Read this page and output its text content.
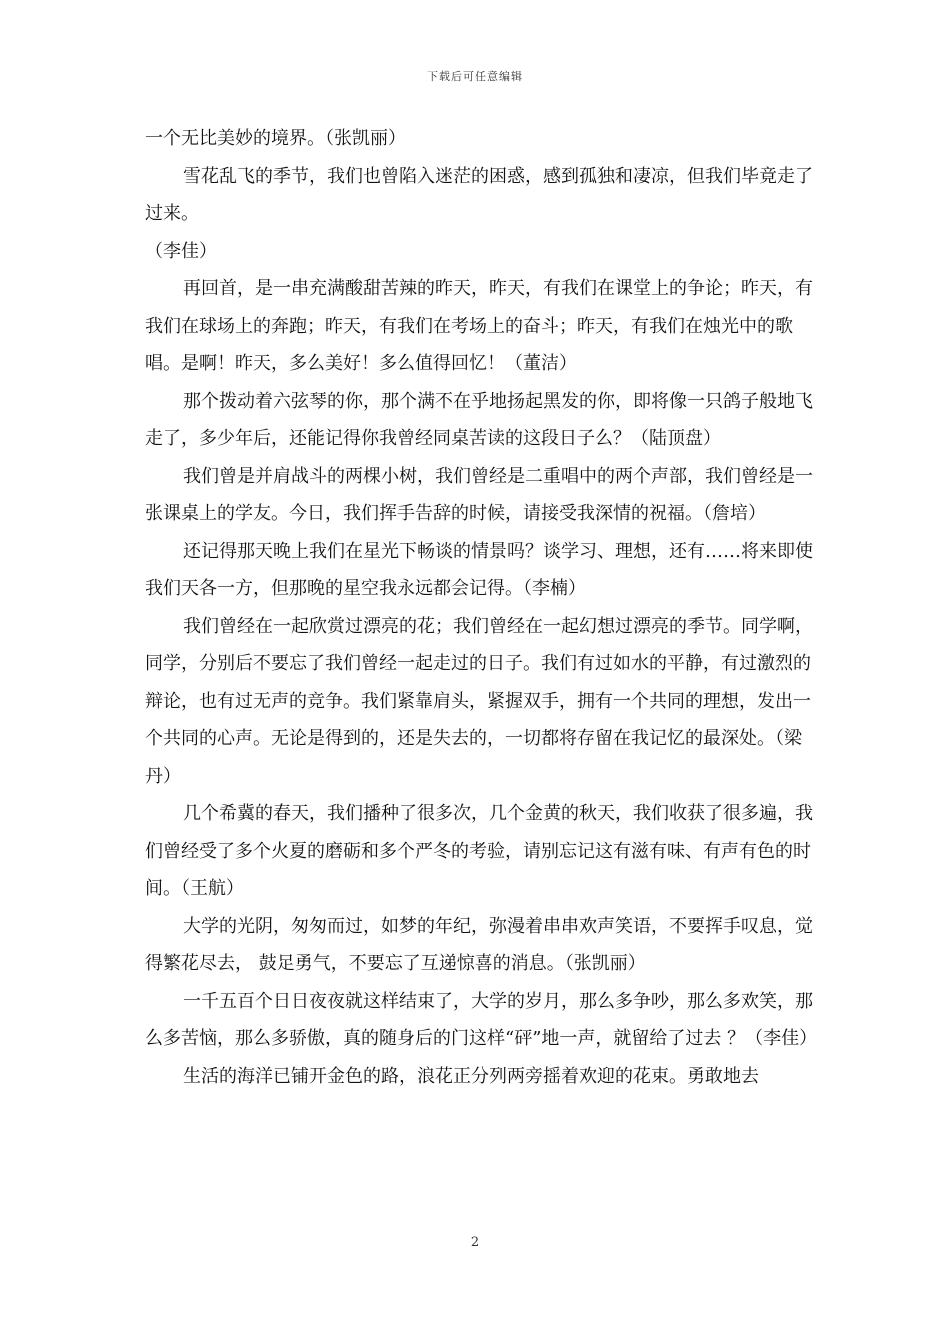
下载后可任意编辑

一个无比美妙的境界。（张凯丽）

雪花乱飞的季节，我们也曾陷入迷茫的困惑，感到孤独和凄凉，但我们毕竟走了过来。

（李佳）

再回首，是一串充满酸甜苦辣的昨天，昨天，有我们在课堂上的争论；昨天，有我们在球场上的奔跑；昨天，有我们在考场上的奋斗；昨天，有我们在烛光中的歌唱。是啊！昨天，多么美好！多么值得回忆！（董洁）

那个拨动着六弦琴的你，那个满不在乎地扬起黑发的你，即将像一只鸽子般地飞走了，多少年后，还能记得你我曾经同桌苦读的这段日子么？（陆顶盘）

我们曾是并肩战斗的两棵小树，我们曾经是二重唱中的两个声部，我们曾经是一张课桌上的学友。今日，我们挥手告辞的时候，请接受我深情的祝福。（詹培）

还记得那天晚上我们在星光下畅谈的情景吗？谈学习、理想，还有……将来即使我们天各一方，但那晚的星空我永远都会记得。（李楠）

我们曾经在一起欣赏过漂亮的花；我们曾经在一起幻想过漂亮的季节。同学啊，同学，分别后不要忘了我们曾经一起走过的日子。我们有过如水的平静，有过激烈的辩论，也有过无声的竞争。我们紧靠肩头，紧握双手，拥有一个共同的理想，发出一个共同的心声。无论是得到的，还是失去的，一切都将存留在我记忆的最深处。（梁丹）

几个希冀的春天，我们播种了很多次，几个金黄的秋天，我们收获了很多遍，我们曾经受了多个火夏的磨砺和多个严冬的考验，请别忘记这有滋有味、有声有色的时间。（王航）

大学的光阴，匆匆而过，如梦的年纪，弥漫着串串欢声笑语，不要挥手叹息，觉得繁花尽去， 鼓足勇气，不要忘了互递惊喜的消息。（张凯丽）

一千五百个日日夜夜就这样结束了，大学的岁月，那么多争吵，那么多欢笑，那么多苦恼，那么多骄傲，真的随身后的门这样“砰”地一声，就留给了过去 ？（李佳）

生活的海洋已铺开金色的路，浪花正分列两旁摇着欢迎的花束。勇敢地去

2
